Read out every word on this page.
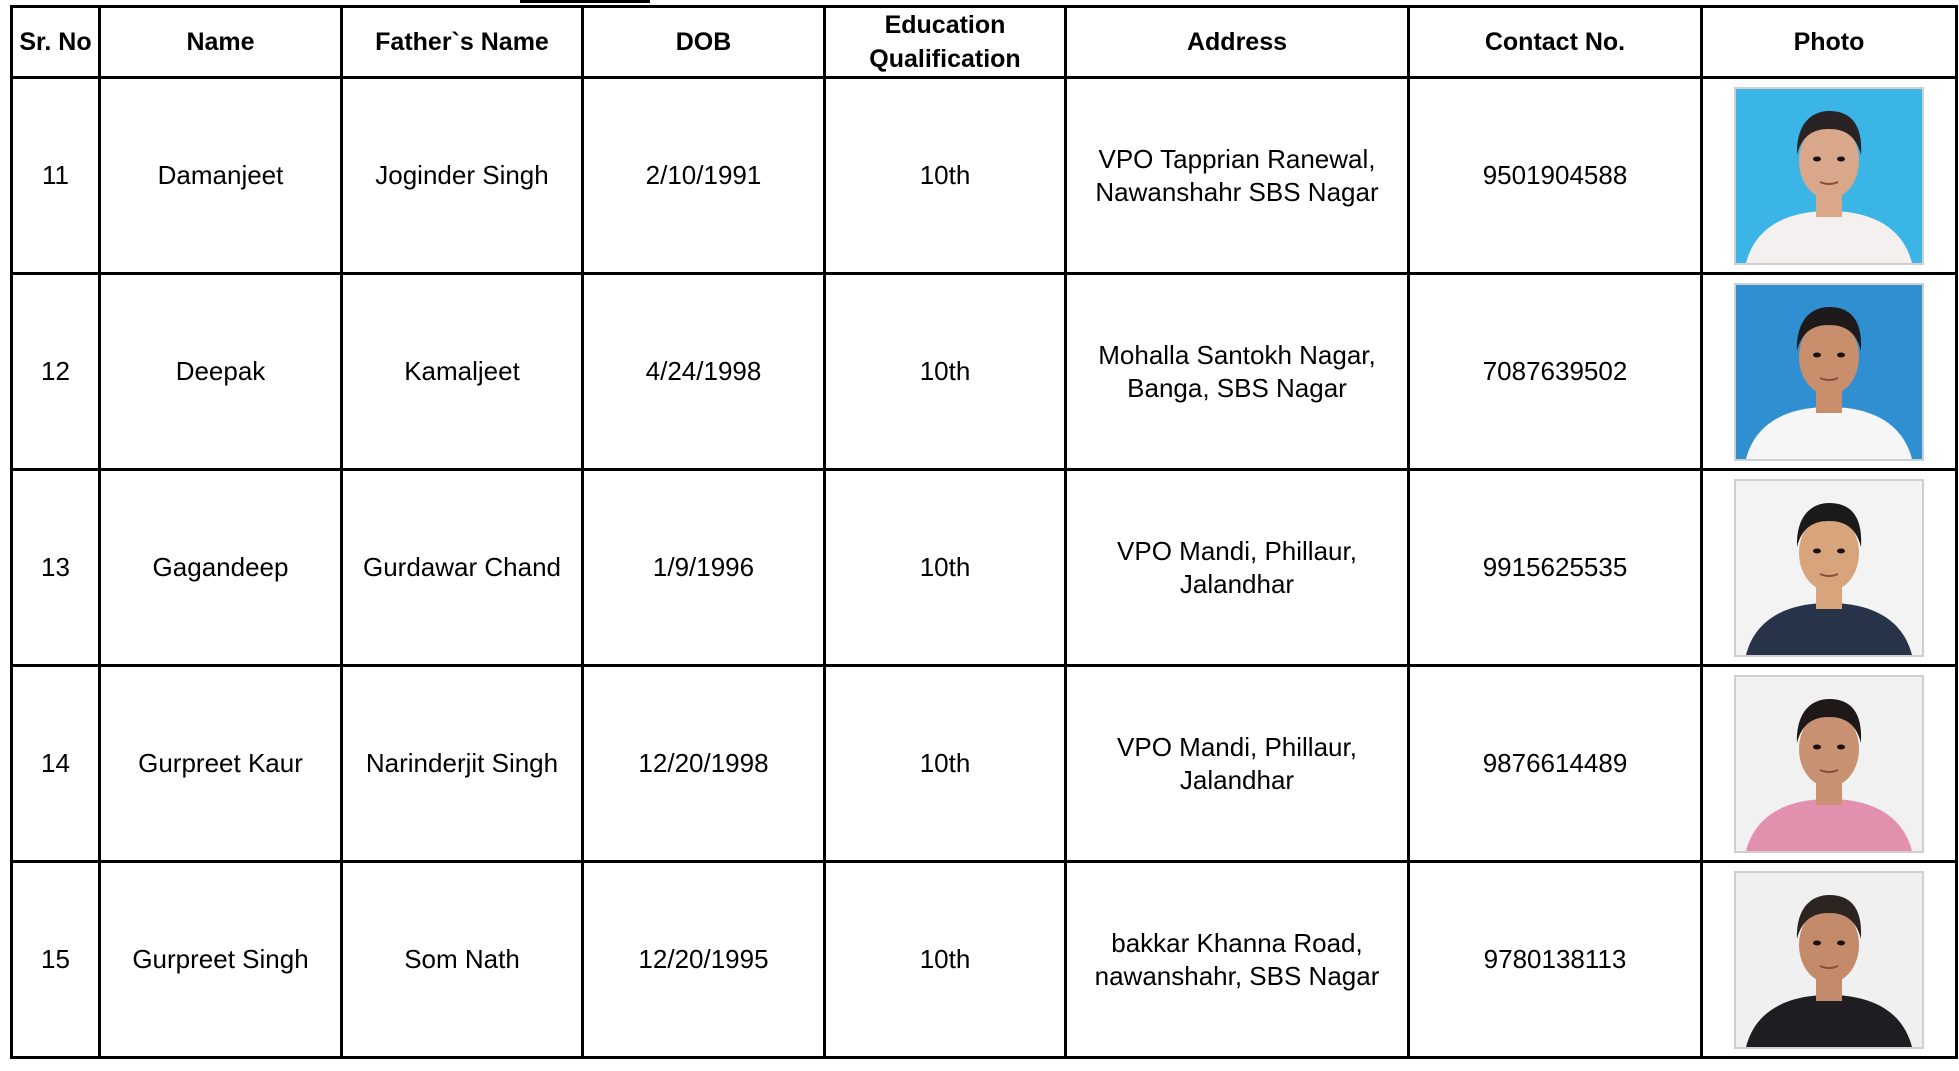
Sr. No	Name	Father`s Name	DOB	Education
Qualification	Address	Contact No.	Photo
11	Damanjeet	Joginder Singh	2/10/1991	10th	VPO Tapprian Ranewal,
Nawanshahr SBS Nagar	9501904588	

12	Deepak	Kamaljeet	4/24/1998	10th	Mohalla Santokh Nagar,
Banga, SBS Nagar	7087639502	

13	Gagandeep	Gurdawar Chand	1/9/1996	10th	VPO Mandi, Phillaur,
Jalandhar	9915625535	

14	Gurpreet Kaur	Narinderjit Singh	12/20/1998	10th	VPO Mandi, Phillaur,
Jalandhar	9876614489	

15	Gurpreet Singh	Som Nath	12/20/1995	10th	bakkar Khanna Road,
nawanshahr, SBS Nagar	9780138113	
